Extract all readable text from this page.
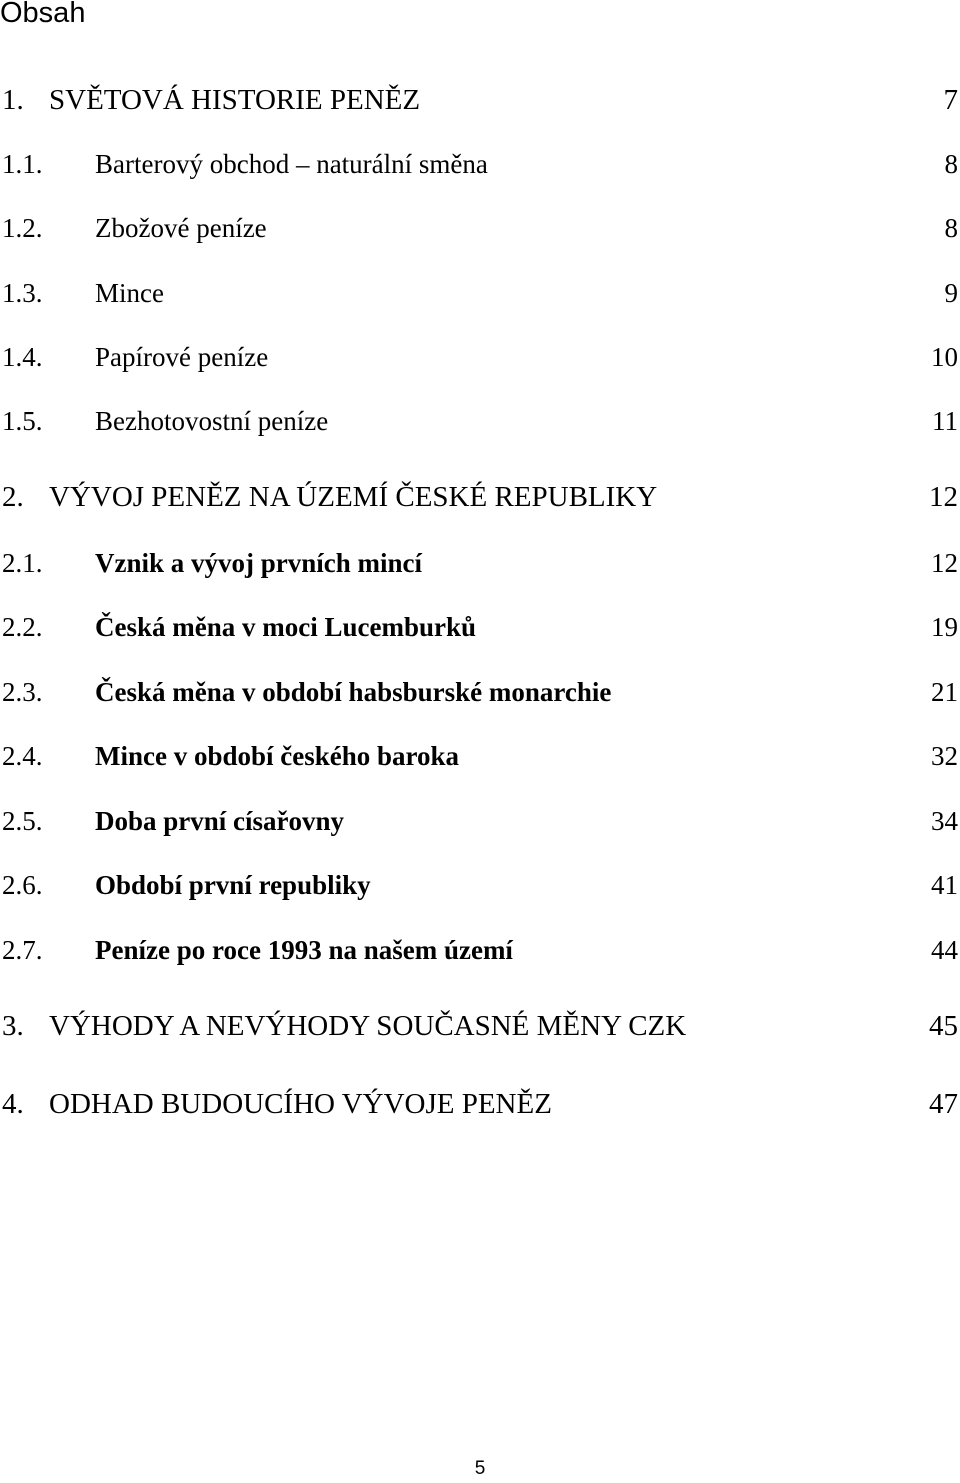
Obsah
1. SVĚTOVÁ HISTORIE PENĚZ	7
1.1. Barterový obchod – naturální směna	8
1.2. Zbožové peníze	8
1.3. Mince	9
1.4. Papírové peníze	10
1.5. Bezhotovostní peníze	11
2. VÝVOJ PENĚZ NA ÚZEMÍ ČESKÉ REPUBLIKY	12
2.1. Vznik a vývoj prvních mincí	12
2.2. Česká měna v moci Lucemburků	19
2.3. Česká měna v období habsburské monarchie	21
2.4. Mince v období českého baroka	32
2.5. Doba první císařovny	34
2.6. Období první republiky	41
2.7. Peníze po roce 1993 na našem území	44
3. VÝHODY A NEVÝHODY SOUČASNÉ MĚNY CZK	45
4. ODHAD BUDOUCÍHO VÝVOJE PENĚZ	47
5
